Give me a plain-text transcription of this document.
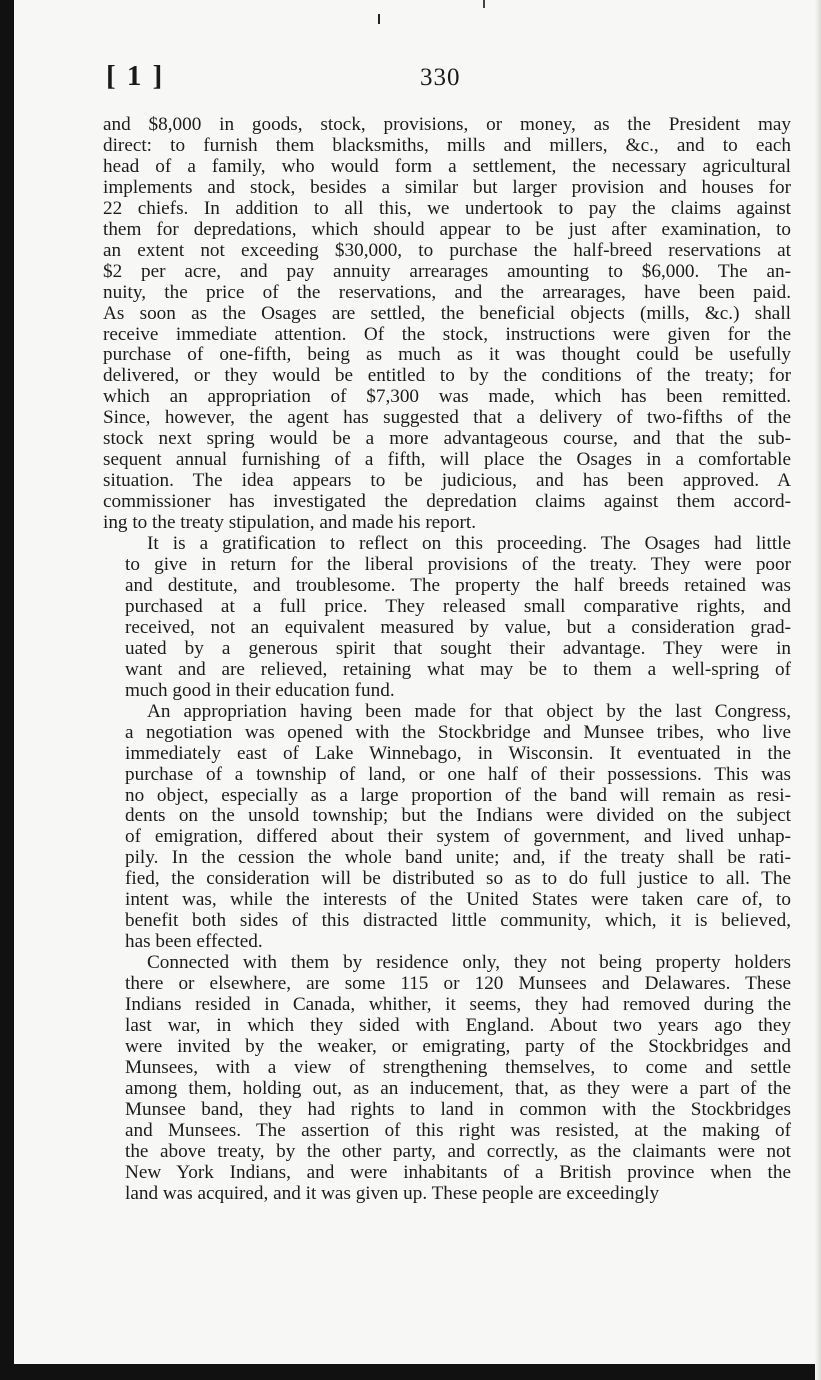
[ 1 ]	330
and $8,000 in goods, stock, provisions, or money, as the President may
direct: to furnish them blacksmiths, mills and millers, &c., and to each
head of a family, who would form a settlement, the necessary agricultural
implements and stock, besides a similar but larger provision and houses for
22 chiefs. In addition to all this, we undertook to pay the claims against
them for depredations, which should appear to be just after examination, to
an extent not exceeding $30,000, to purchase the half-breed reservations at
$2 per acre, and pay annuity arrearages amounting to $6,000. The an-
nuity, the price of the reservations, and the arrearages, have been paid.
As soon as the Osages are settled, the beneficial objects (mills, &c.) shall
receive immediate attention. Of the stock, instructions were given for the
purchase of one-fifth, being as much as it was thought could be usefully
delivered, or they would be entitled to by the conditions of the treaty; for
which an appropriation of $7,300 was made, which has been remitted.
Since, however, the agent has suggested that a delivery of two-fifths of the
stock next spring would be a more advantageous course, and that the sub-
sequent annual furnishing of a fifth, will place the Osages in a comfortable
situation. The idea appears to be judicious, and has been approved. A
commissioner has investigated the depredation claims against them accord-
ing to the treaty stipulation, and made his report.
It is a gratification to reflect on this proceeding. The Osages had little
to give in return for the liberal provisions of the treaty. They were poor
and destitute, and troublesome. The property the half breeds retained was
purchased at a full price. They released small comparative rights, and
received, not an equivalent measured by value, but a consideration grad-
uated by a generous spirit that sought their advantage. They were in
want and are relieved, retaining what may be to them a well-spring of
much good in their education fund.
An appropriation having been made for that object by the last Congress,
a negotiation was opened with the Stockbridge and Munsee tribes, who live
immediately east of Lake Winnebago, in Wisconsin. It eventuated in the
purchase of a township of land, or one half of their possessions. This was
no object, especially as a large proportion of the band will remain as resi-
dents on the unsold township; but the Indians were divided on the subject
of emigration, differed about their system of government, and lived unhap-
pily. In the cession the whole band unite; and, if the treaty shall be rati-
fied, the consideration will be distributed so as to do full justice to all. The
intent was, while the interests of the United States were taken care of, to
benefit both sides of this distracted little community, which, it is believed,
has been effected.
Connected with them by residence only, they not being property holders
there or elsewhere, are some 115 or 120 Munsees and Delawares. These
Indians resided in Canada, whither, it seems, they had removed during the
last war, in which they sided with England. About two years ago they
were invited by the weaker, or emigrating, party of the Stockbridges and
Munsees, with a view of strengthening themselves, to come and settle
among them, holding out, as an inducement, that, as they were a part of the
Munsee band, they had rights to land in common with the Stockbridges
and Munsees. The assertion of this right was resisted, at the making of
the above treaty, by the other party, and correctly, as the claimants were not
New York Indians, and were inhabitants of a British province when the
land was acquired, and it was given up. These people are exceedingly
